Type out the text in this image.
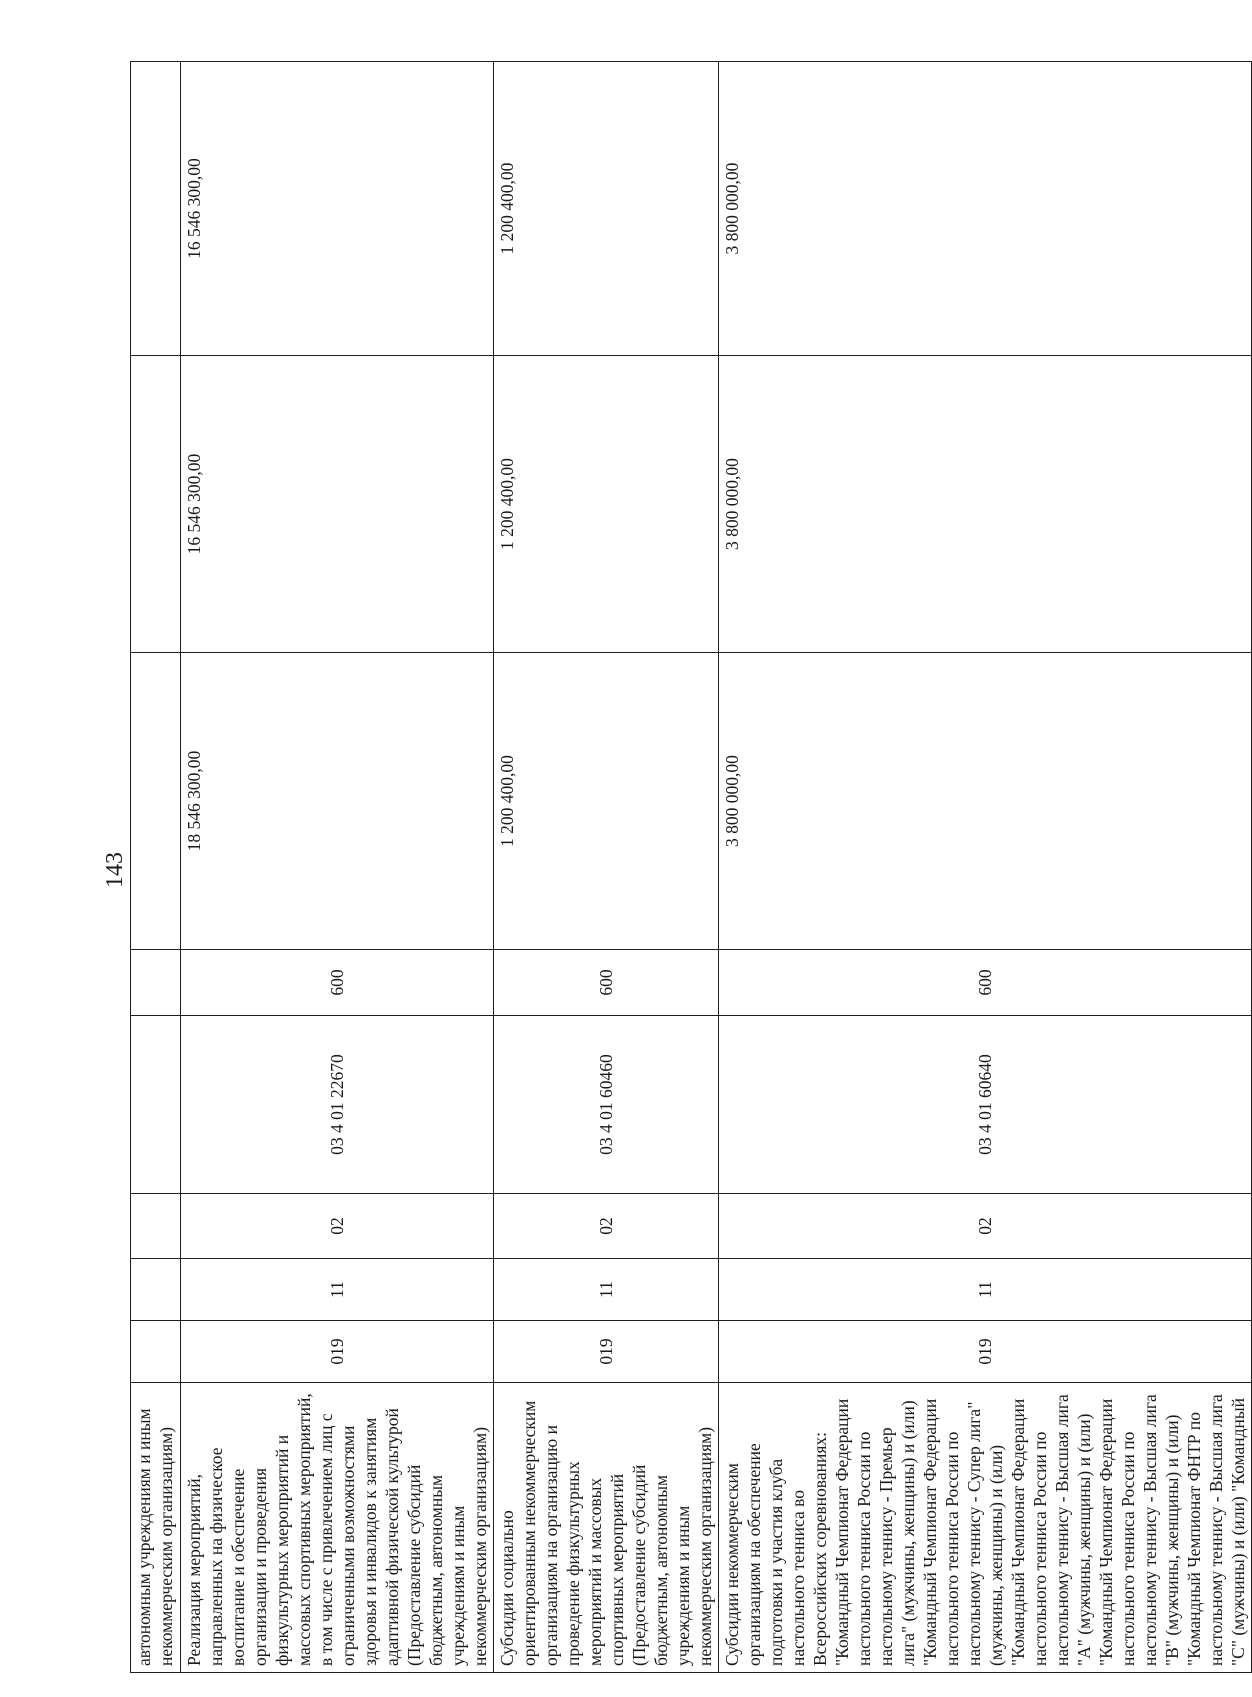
143
автономным учреждениям и иным некоммерческим организациям)								
Реализация мероприятий, направленных на физическое воспитание и обеспечение организации и проведения физкультурных мероприятий и массовых спортивных мероприятий, в том числе с привлечением лиц с ограниченными возможностями здоровья и инвалидов к занятиям адаптивной физической культурой (Предоставление субсидий бюджетным, автономным учреждениям и иным некоммерческим организациям)	019	11	02	03 4 01 22670	600	18 546 300,00	16 546 300,00	16 546 300,00
Субсидии социально ориентированным некоммерческим организациям на организацию и проведение физкультурных мероприятий и массовых спортивных мероприятий (Предоставление субсидий бюджетным, автономным учреждениям и иным некоммерческим организациям)	019	11	02	03 4 01 60460	600	1 200 400,00	1 200 400,00	1 200 400,00
Субсидии некоммерческим организациям на обеспечение подготовки и участия клуба настольного тенниса во Всероссийских соревнованиях: "Командный Чемпионат Федерации настольного тенниса России по настольному теннису - Премьер лига" (мужчины, женщины) и (или) "Командный Чемпионат Федерации настольного тенниса России по настольному теннису - Супер лига" (мужчины, женщины) и (или) "Командный Чемпионат Федерации настольного тенниса России по настольному теннису - Высшая лига "А" (мужчины, женщины) и (или) "Командный Чемпионат Федерации настольного тенниса России по настольному теннису - Высшая лига "В" (мужчины, женщины) и (или) "Командный Чемпионат ФНТР по настольному теннису - Высшая лига "С" (мужчины) и (или) "Командный	019	11	02	03 4 01 60640	600	3 800 000,00	3 800 000,00	3 800 000,00
